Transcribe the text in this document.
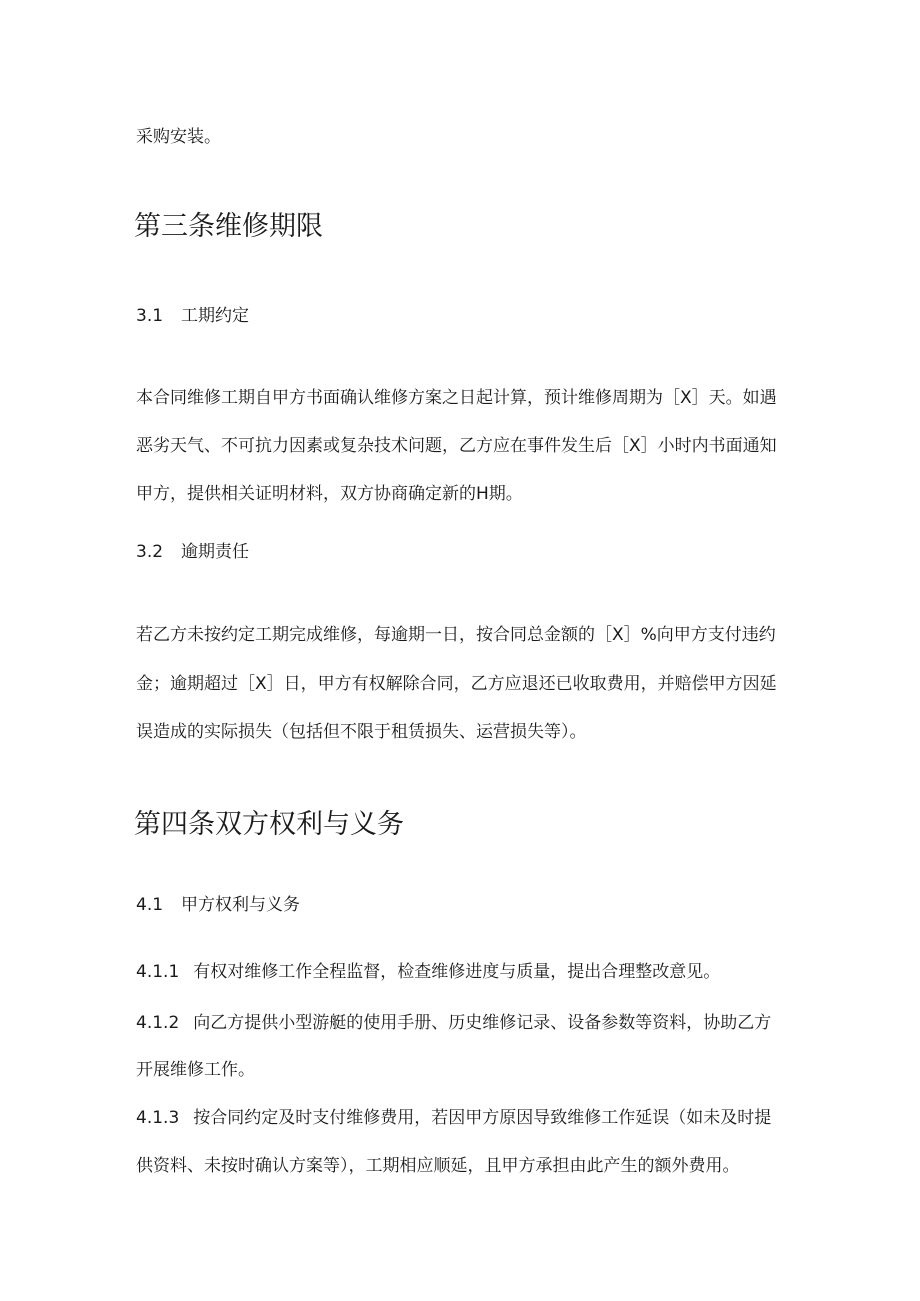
采购安装。
第三条维修期限
3.1 工期约定
本合同维修工期自甲方书面确认维修方案之日起计算，预计维修周期为［X］天。如遇
恶劣天气、不可抗力因素或复杂技术问题，乙方应在事件发生后［X］小时内书面通知
甲方，提供相关证明材料，双方协商确定新的H期。
3.2 逾期责任
若乙方未按约定工期完成维修，每逾期一日，按合同总金额的［X］%向甲方支付违约
金；逾期超过［X］日，甲方有权解除合同，乙方应退还已收取费用，并赔偿甲方因延
误造成的实际损失（包括但不限于租赁损失、运营损失等）。
第四条双方权利与义务
4.1 甲方权利与义务
4.1.1 有权对维修工作全程监督，检查维修进度与质量，提出合理整改意见。
4.1.2 向乙方提供小型游艇的使用手册、历史维修记录、设备参数等资料，协助乙方
开展维修工作。
4.1.3 按合同约定及时支付维修费用，若因甲方原因导致维修工作延误（如未及时提
供资料、未按时确认方案等），工期相应顺延，且甲方承担由此产生的额外费用。
